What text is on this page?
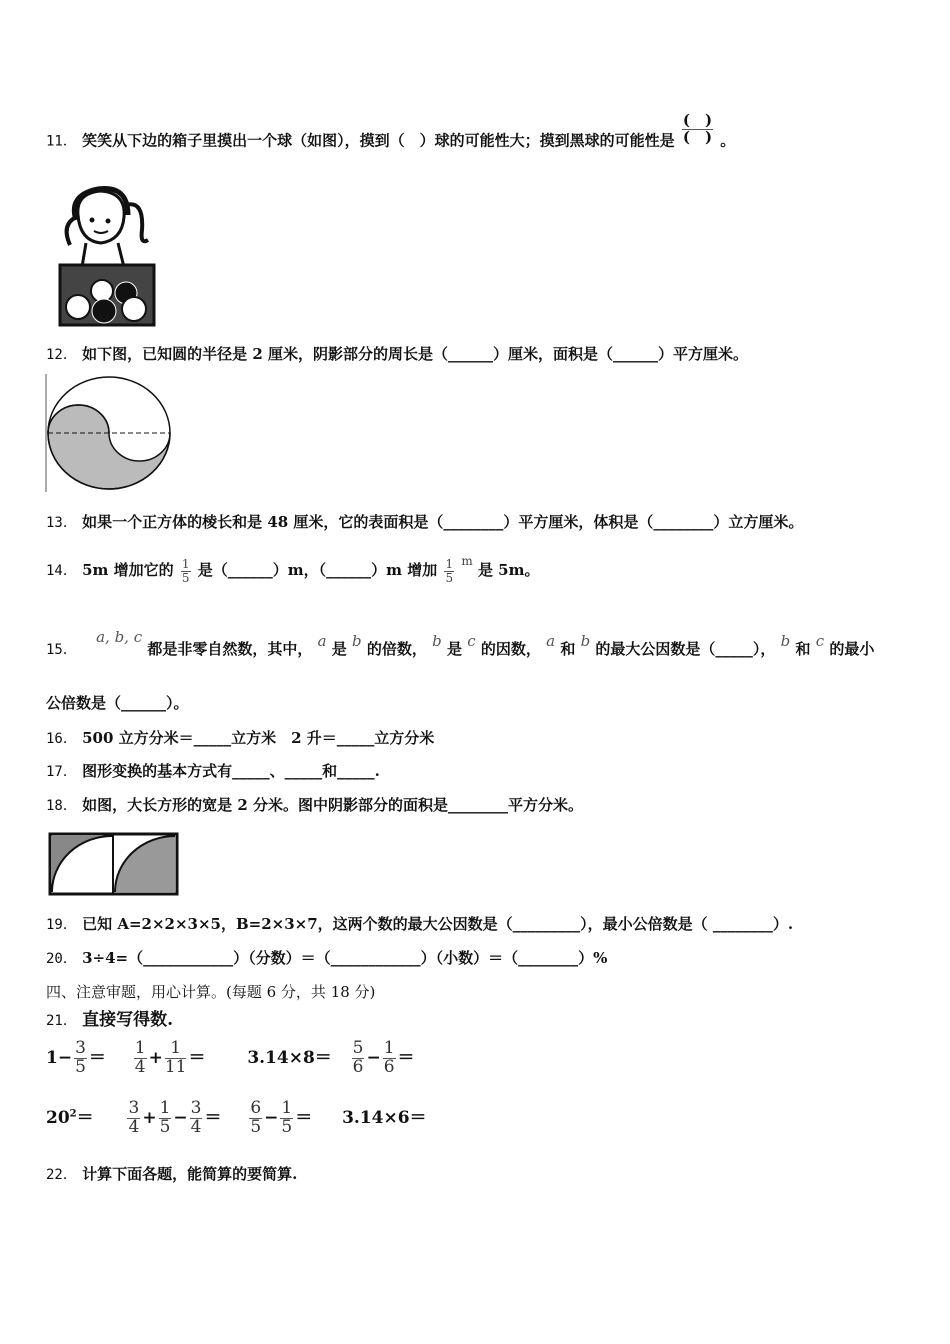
11． 笑笑从下边的箱子里摸出一个球（如图），摸到（　）球的可能性大；摸到黑球的可能性是 $\frac{( )}{( )}$ 。
12． 如下图，已知圆的半径是 2 厘米，阴影部分的周长是（______）厘米，面积是（______）平方厘米。
13． 如果一个正方体的棱长和是 48 厘米，它的表面积是（________）平方厘米，体积是（________）立方厘米。
14． 5m 增加它的 $\frac{1}{5}$ 是（______）m，（______）m 增加 $\frac{1}{5} ^m$ 是 5m。
15． a, b, c 都是非零自然数，其中， a 是 b 的倍数， b 是 c 的因数， a 和 b 的最大公因数是（_____）， b 和 c 的最小
公倍数是（______）。
16． 500 立方分米＝_____立方米　2 升＝_____立方分米
17． 图形变换的基本方式有_____、_____和_____.
18． 如图，大长方形的宽是 2 分米。图中阴影部分的面积是________平方分米。
19． 已知 A=2×2×3×5，B=2×3×7，这两个数的最大公因数是（_________），最小公倍数是（ ________）.
20． 3÷4=（____________）（分数）＝（____________）（小数）＝（________）%
四、注意审题，用心计算。(每题 6 分，共 18 分)
21． 直接写得数.
$1- \frac{3}{5} = \frac{1}{4} + \frac{1}{11} = 3.14\times 8= \frac{5}{6} - \frac{1}{6}$ ＝
$20^2= \frac{3}{4} + \frac{1}{5} - \frac{3}{4} = \frac{6}{5} - \frac{1}{5} = 3.14\times 6=$
22． 计算下面各题，能简算的要简算.
